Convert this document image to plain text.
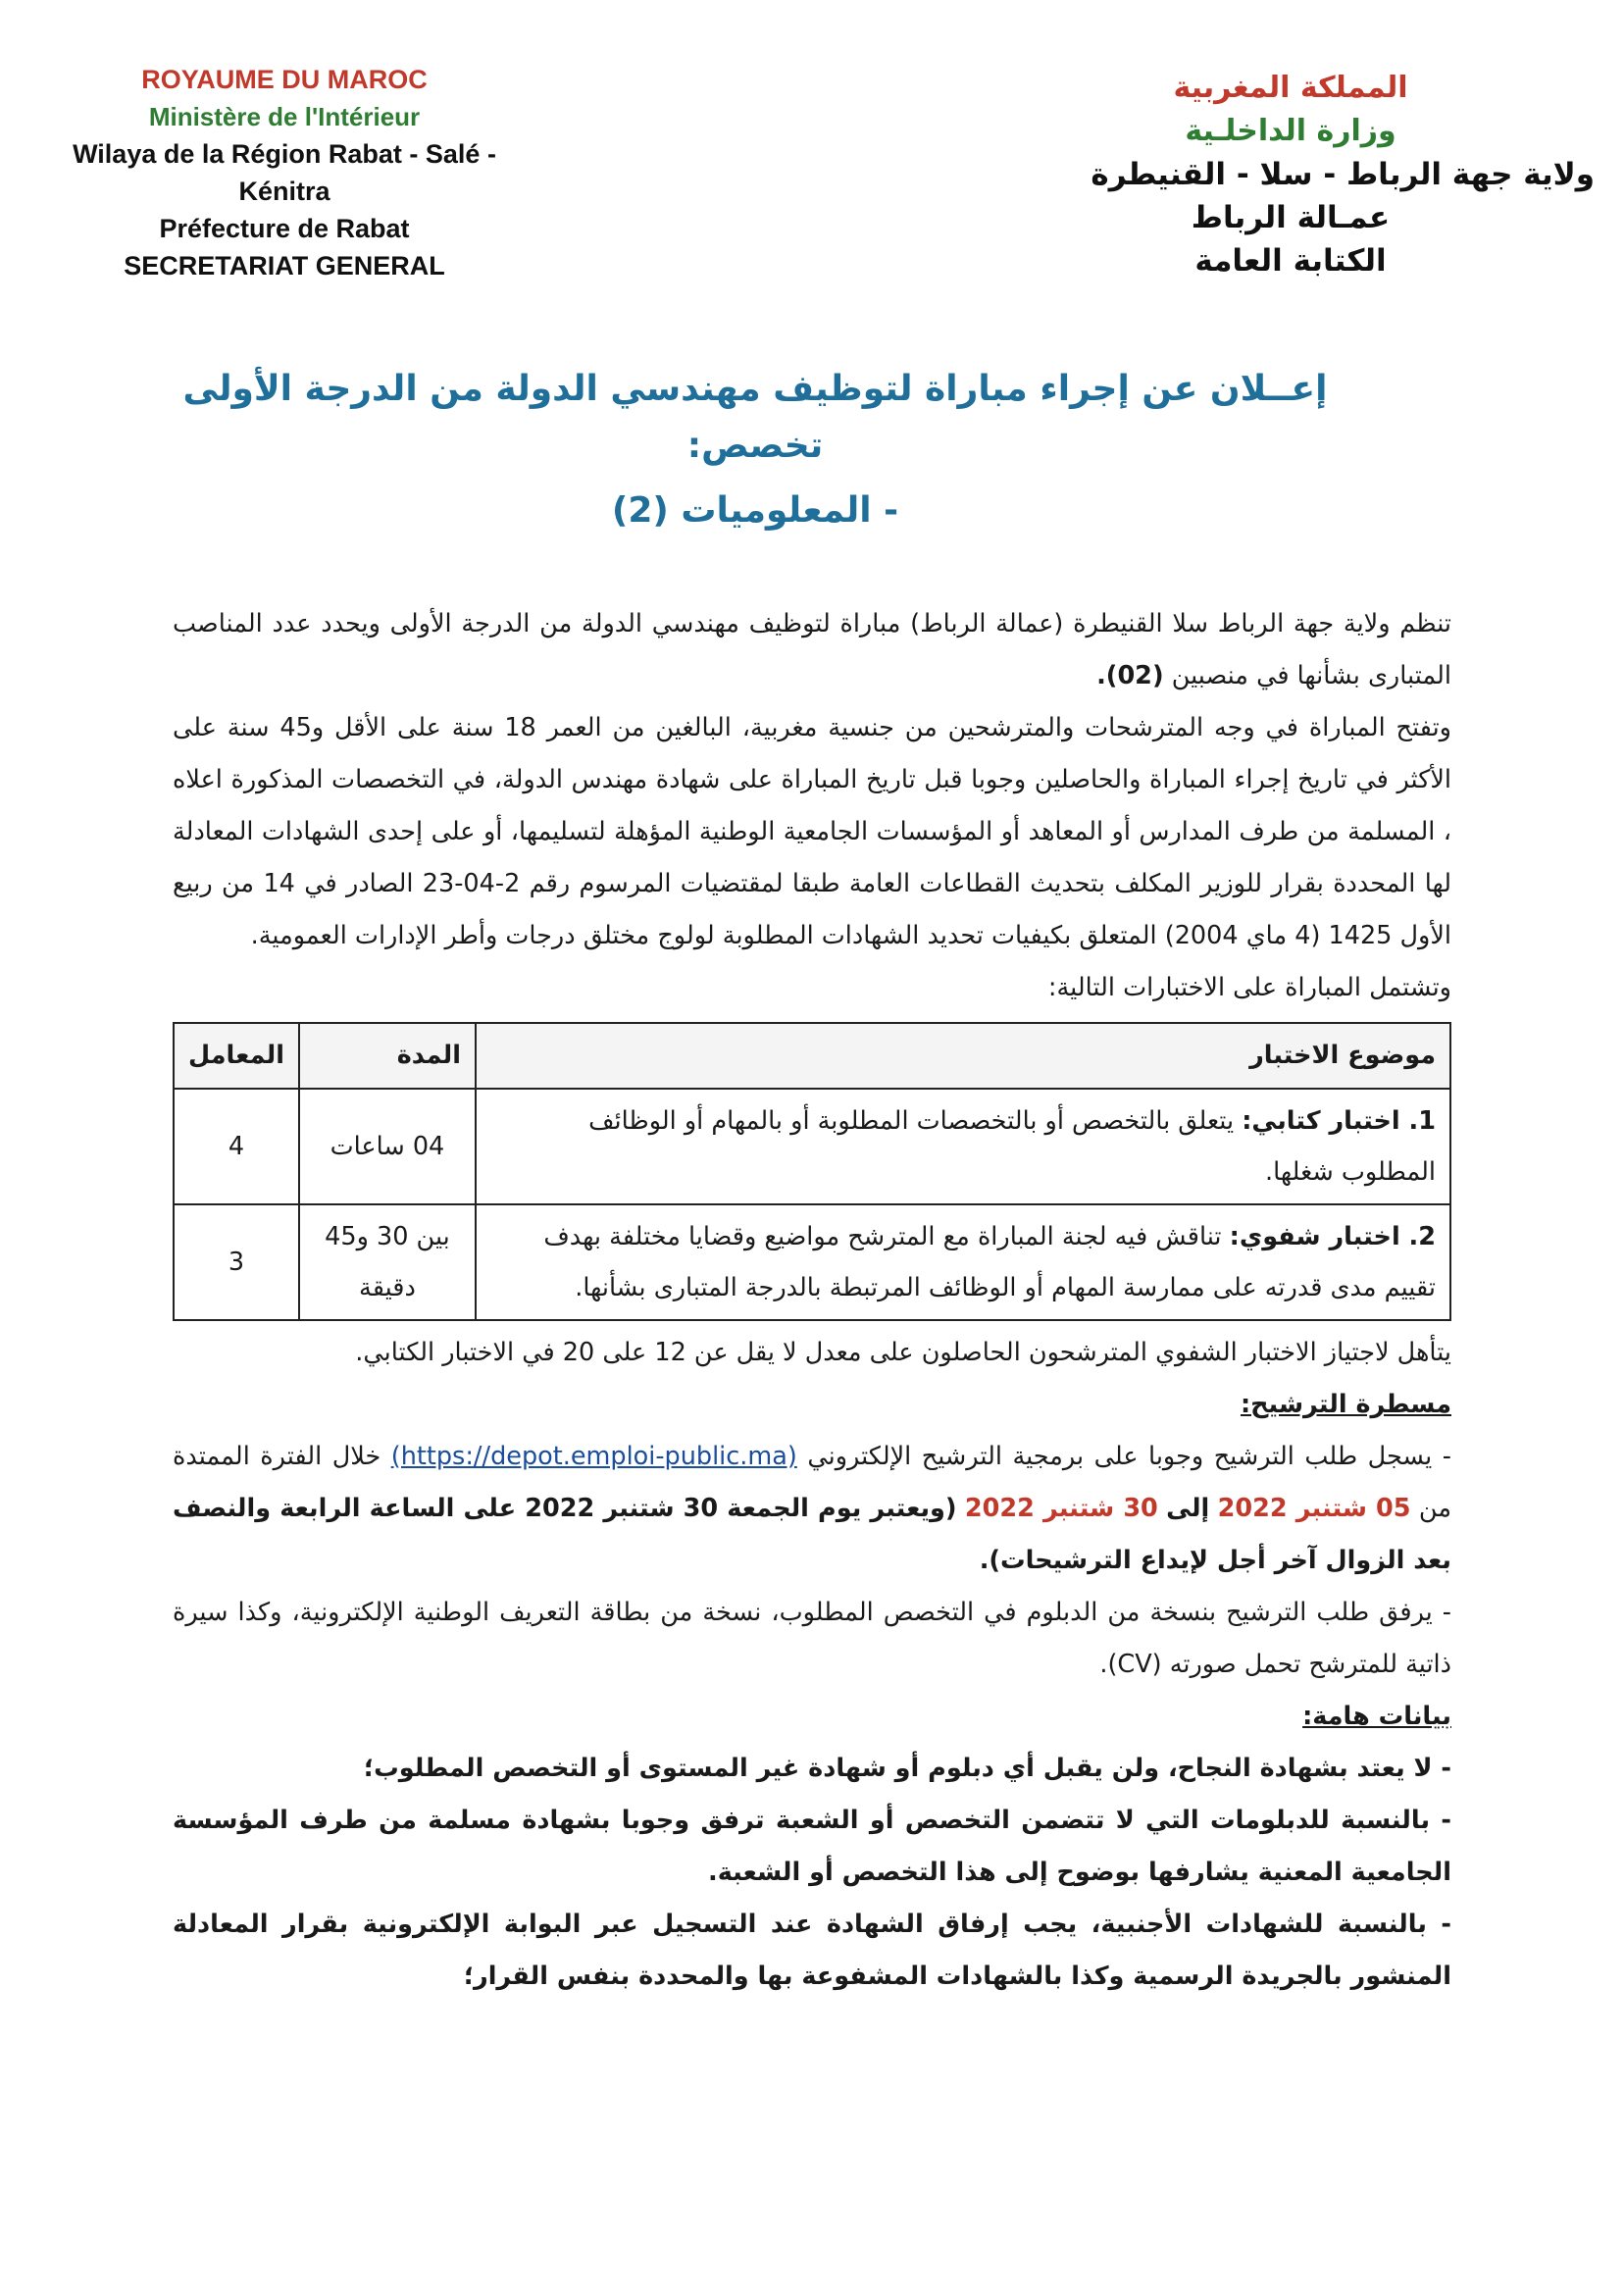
ROYAUME DU MAROC
Ministère de l'Intérieur
Wilaya de la Région Rabat - Salé - Kénitra
Préfecture de Rabat
SECRETARIAT GENERAL
المملكة المغربية
وزارة الداخلـية
ولاية جهة الرباط - سلا - القنيطرة
عمـالة الرباط
الكتابة العامة
إعــلان عن إجراء مباراة لتوظيف مهندسي الدولة من الدرجة الأولى تخصص:
- المعلوميات (2)

تنظم ولاية جهة الرباط سلا القنيطرة (عمالة الرباط) مباراة لتوظيف مهندسي الدولة من الدرجة الأولى ويحدد عدد المناصب المتبارى بشأنها في منصبين (02).

وتفتح المباراة في وجه المترشحات والمترشحين من جنسية مغربية، البالغين من العمر 18 سنة على الأقل و45 سنة على الأكثر في تاريخ إجراء المباراة والحاصلين وجوبا قبل تاريخ المباراة على شهادة مهندس الدولة، في التخصصات المذكورة اعلاه ، المسلمة من طرف المدارس أو المعاهد أو المؤسسات الجامعية الوطنية المؤهلة لتسليمها، أو على إحدى الشهادات المعادلة لها المحددة بقرار للوزير المكلف بتحديث القطاعات العامة طبقا لمقتضيات المرسوم رقم 2-04-23 الصادر في 14 من ربيع الأول 1425 (4 ماي 2004) المتعلق بكيفيات تحديد الشهادات المطلوبة لولوج مختلق درجات وأطر الإدارات العمومية.

وتشتمل المباراة على الاختبارات التالية:

موضوع الاختبار	المدة	المعامل
1. اختبار كتابي: يتعلق بالتخصص أو بالتخصصات المطلوبة أو بالمهام أو الوظائف المطلوب شغلها.	04 ساعات	4
2. اختبار شفوي: تناقش فيه لجنة المباراة مع المترشح مواضيع وقضايا مختلفة بهدف تقييم مدى قدرته على ممارسة المهام أو الوظائف المرتبطة بالدرجة المتبارى بشأنها.	بين 30 و45 دقيقة	3

يتأهل لاجتياز الاختبار الشفوي المترشحون الحاصلون على معدل لا يقل عن 12 على 20 في الاختبار الكتابي.

مسطرة الترشيح:

- يسجل طلب الترشيح وجوبا على برمجية الترشيح الإلكتروني (https://depot.emploi-public.ma) خلال الفترة الممتدة من 05 شتنبر 2022 إلى 30 شتنبر 2022 (ويعتبر يوم الجمعة 30 شتنبر 2022 على الساعة الرابعة والنصف بعد الزوال آخر أجل لإيداع الترشيحات).

- يرفق طلب الترشيح بنسخة من الدبلوم في التخصص المطلوب، نسخة من بطاقة التعريف الوطنية الإلكترونية، وكذا سيرة ذاتية للمترشح تحمل صورته (CV).

بيانات هامة:

- لا يعتد بشهادة النجاح، ولن يقبل أي دبلوم أو شهادة غير المستوى أو التخصص المطلوب؛

- بالنسبة للدبلومات التي لا تتضمن التخصص أو الشعبة ترفق وجوبا بشهادة مسلمة من طرف المؤسسة الجامعية المعنية يشارفها بوضوح إلى هذا التخصص أو الشعبة.

- بالنسبة للشهادات الأجنبية، يجب إرفاق الشهادة عند التسجيل عبر البوابة الإلكترونية بقرار المعادلة المنشور بالجريدة الرسمية وكذا بالشهادات المشفوعة بها والمحددة بنفس القرار؛
